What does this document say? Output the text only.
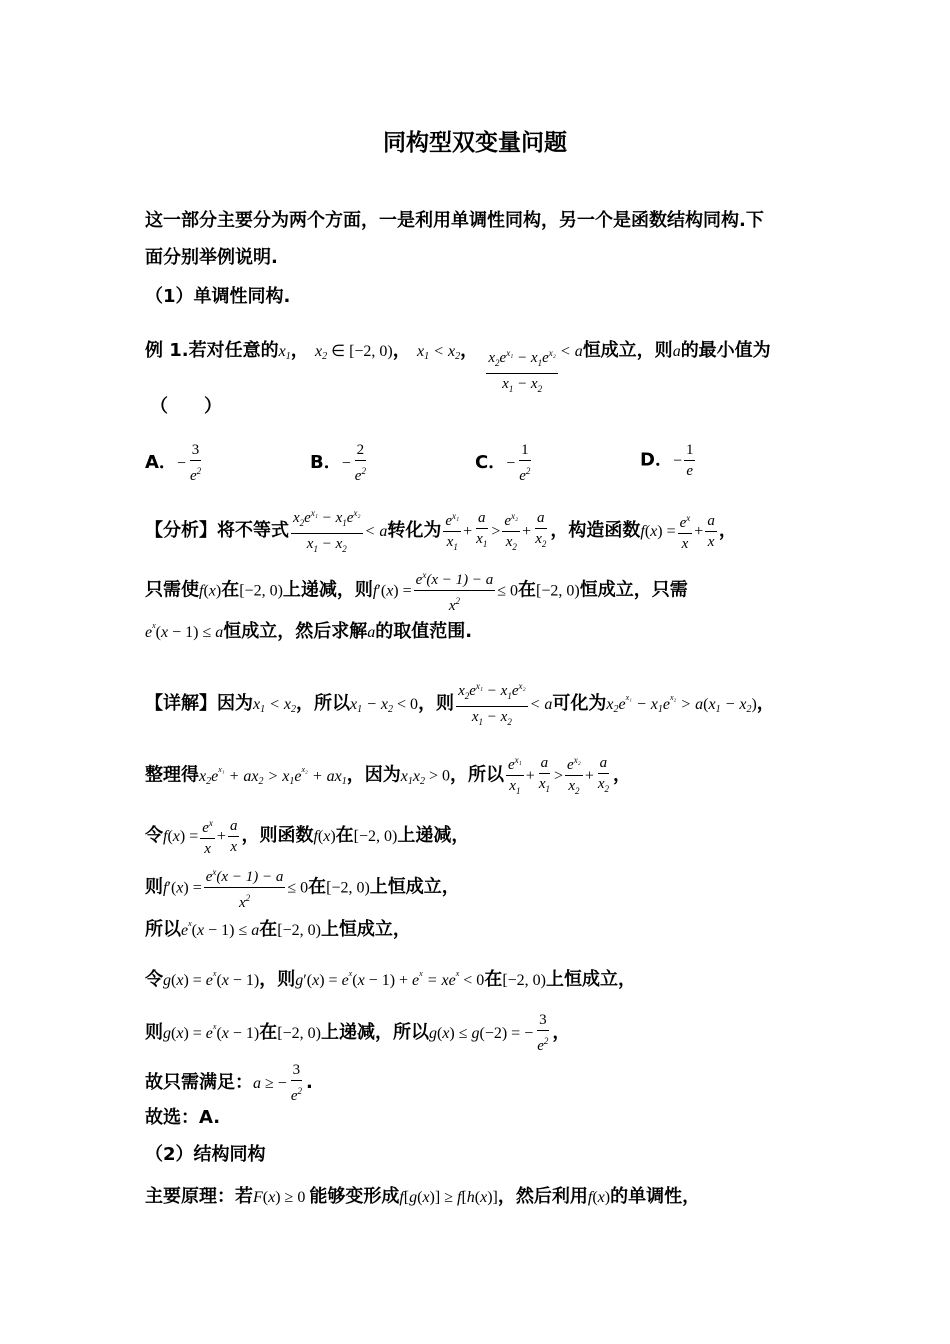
同构型双变量问题
这一部分主要分为两个方面，一是利用单调性同构，另一个是函数结构同构.下
面分别举例说明.
（1）单调性同构.
例 1.若对任意的x1， x2 ∈ [−2, 0)， x1 < x2， $\frac{x_2e^{x_1} - x_1e^{x_2}}{x_1 - x_2} < a$恒成立，则a的最小值为
（　　）
A．− $\frac{3}{e^2}$	B．− $\frac{2}{e^2}$	C．− $\frac{1}{e^2}$	D．− $\frac{1}{e}$
【分析】将不等式 $\frac{x_2e^{x_1} - x_1e^{x_2}}{x_1 - x_2} < a$转化为 $\frac{e^{x_1}}{x_1} + \frac{a}{x_1} > \frac{e^{x_2}}{x_2} + \frac{a}{x_2}$ ，构造函数$f(x) = \frac{e^x}{x} + \frac{a}{x}$ ，
只需使f(x)在[−2, 0)上递减，则$f'(x) = \frac{e^x(x - 1) - a}{x^2} \le 0$在[−2, 0)恒成立，只需
$e^x(x - 1) \le a$恒成立，然后求解a的取值范围.
【详解】因为x1 < x2，所以x1 − x2 < 0，则 $\frac{x_2e^{x_1} - x_1e^{x_2}}{x_1 - x_2} < a$可化为$x2e^{x_1} - x1e^{x_2} > a(x1 - x2)$，
整理得$x2e^{x_1} + ax2 > x1e^{x_2} + ax1$，因为x1x2 > 0，所以 $\frac{e^{x_1}}{x_1} + \frac{a}{x_1} > \frac{e^{x_2}}{x_2} + \frac{a}{x_2}$ ，
令$f(x) = \frac{e^x}{x} + \frac{a}{x}$ ，则函数f(x)在[−2, 0)上递减，
则$f'(x) = \frac{e^x(x - 1) - a}{x^2} \le 0$在[−2, 0)上恒成立，
所以$e^x(x - 1) \le a$在[−2, 0)上恒成立，
令$g(x) = e^x(x - 1)$，则$g'(x) = e^x(x - 1) + e^x = xe^x < 0$在[−2, 0)上恒成立，
则$g(x) = e^x(x - 1)$在[−2, 0)上递减，所以g(x) ≤ g(−2) = − $\frac{3}{e^2}$ ，
故只需满足：a ≥ − $\frac{3}{e^2}$ .
故选：A.
（2）结构同构
主要原理：若F(x) ≥ 0 能够变形成f[g(x)] ≥ f[h(x)]，然后利用f(x)的单调性，
